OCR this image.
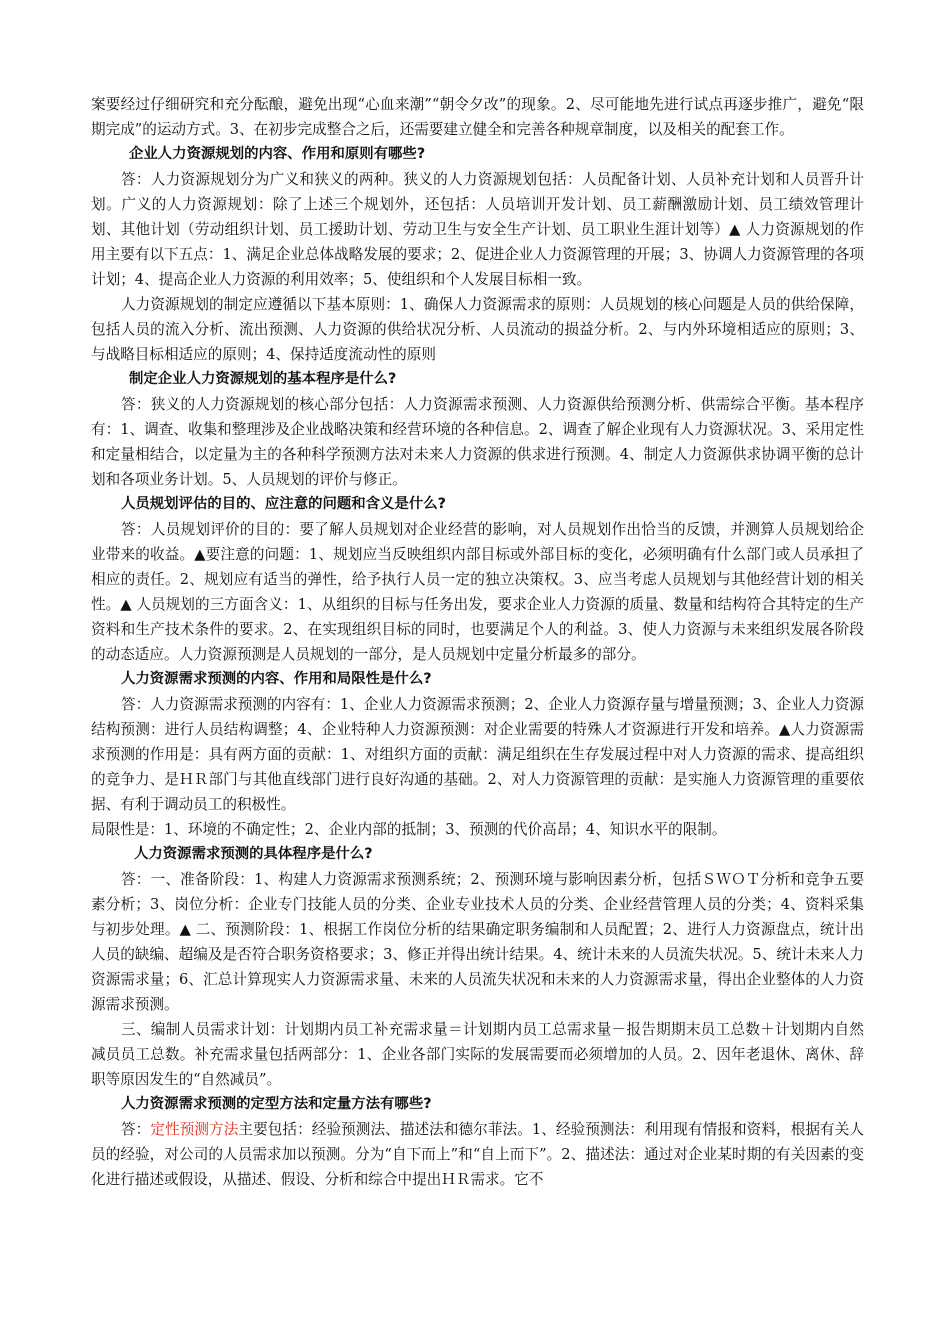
案要经过仔细研究和充分酝酿，避免出现“心血来潮”“朝令夕改”的现象。2、尽可能地先进行试点再逐步推广，避免“限期完成”的运动方式。3、在初步完成整合之后，还需要建立健全和完善各种规章制度，以及相关的配套工作。

企业人力资源规划的内容、作用和原则有哪些?

答：人力资源规划分为广义和狭义的两种。狭义的人力资源规划包括：人员配备计划、人员补充计划和人员晋升计划。广义的人力资源规划：除了上述三个规划外，还包括：人员培训开发计划、员工薪酬激励计划、员工绩效管理计划、其他计划（劳动组织计划、员工援助计划、劳动卫生与安全生产计划、员工职业生涯计划等）▲ 人力资源规划的作用主要有以下五点：1、满足企业总体战略发展的要求；2、促进企业人力资源管理的开展；3、协调人力资源管理的各项计划；4、提高企业人力资源的利用效率；5、使组织和个人发展目标相一致。

人力资源规划的制定应遵循以下基本原则：1、确保人力资源需求的原则：人员规划的核心问题是人员的供给保障，包括人员的流入分析、流出预测、人力资源的供给状况分析、人员流动的损益分析。2、与内外环境相适应的原则；3、与战略目标相适应的原则；4、保持适度流动性的原则

制定企业人力资源规划的基本程序是什么?

答：狭义的人力资源规划的核心部分包括：人力资源需求预测、人力资源供给预测分析、供需综合平衡。基本程序有：1、调查、收集和整理涉及企业战略决策和经营环境的各种信息。2、调查了解企业现有人力资源状况。3、采用定性和定量相结合，以定量为主的各种科学预测方法对未来人力资源的供求进行预测。4、制定人力资源供求协调平衡的总计划和各项业务计划。5、人员规划的评价与修正。

人员规划评估的目的、应注意的问题和含义是什么?

答：人员规划评价的目的：要了解人员规划对企业经营的影响，对人员规划作出恰当的反馈，并测算人员规划给企业带来的收益。▲要注意的问题：1、规划应当反映组织内部目标或外部目标的变化，必须明确有什么部门或人员承担了相应的责任。2、规划应有适当的弹性，给予执行人员一定的独立决策权。3、应当考虑人员规划与其他经营计划的相关性。▲ 人员规划的三方面含义：1、从组织的目标与任务出发，要求企业人力资源的质量、数量和结构符合其特定的生产资料和生产技术条件的要求。2、在实现组织目标的同时，也要满足个人的利益。3、使人力资源与未来组织发展各阶段的动态适应。人力资源预测是人员规划的一部分，是人员规划中定量分析最多的部分。

人力资源需求预测的内容、作用和局限性是什么?

答：人力资源需求预测的内容有：1、企业人力资源需求预测；2、企业人力资源存量与增量预测；3、企业人力资源结构预测：进行人员结构调整；4、企业特种人力资源预测：对企业需要的特殊人才资源进行开发和培养。▲人力资源需求预测的作用是：具有两方面的贡献：1、对组织方面的贡献：满足组织在生存发展过程中对人力资源的需求、提高组织的竞争力、是ＨＲ部门与其他直线部门进行良好沟通的基础。2、对人力资源管理的贡献：是实施人力资源管理的重要依据、有利于调动员工的积极性。

局限性是：1、环境的不确定性；2、企业内部的抵制；3、预测的代价高昂；4、知识水平的限制。

人力资源需求预测的具体程序是什么?

答：一、准备阶段：1、构建人力资源需求预测系统；2、预测环境与影响因素分析，包括ＳＷＯＴ分析和竞争五要素分析；3、岗位分析：企业专门技能人员的分类、企业专业技术人员的分类、企业经营管理人员的分类；4、资料采集与初步处理。▲ 二、预测阶段：1、根据工作岗位分析的结果确定职务编制和人员配置；2、进行人力资源盘点，统计出人员的缺编、超编及是否符合职务资格要求；3、修正并得出统计结果。4、统计未来的人员流失状况。5、统计未来人力资源需求量；6、汇总计算现实人力资源需求量、未来的人员流失状况和未来的人力资源需求量，得出企业整体的人力资源需求预测。

三、编制人员需求计划：计划期内员工补充需求量＝计划期内员工总需求量－报告期期末员工总数＋计划期内自然减员员工总数。补充需求量包括两部分：1、企业各部门实际的发展需要而必须增加的人员。2、因年老退休、离休、辞职等原因发生的“自然减员”。

人力资源需求预测的定型方法和定量方法有哪些?

答：定性预测方法主要包括：经验预测法、描述法和德尔菲法。1、经验预测法：利用现有情报和资料，根据有关人员的经验，对公司的人员需求加以预测。分为“自下而上”和“自上而下”。2、描述法：通过对企业某时期的有关因素的变化进行描述或假设，从描述、假设、分析和综合中提出ＨＲ需求。它不
